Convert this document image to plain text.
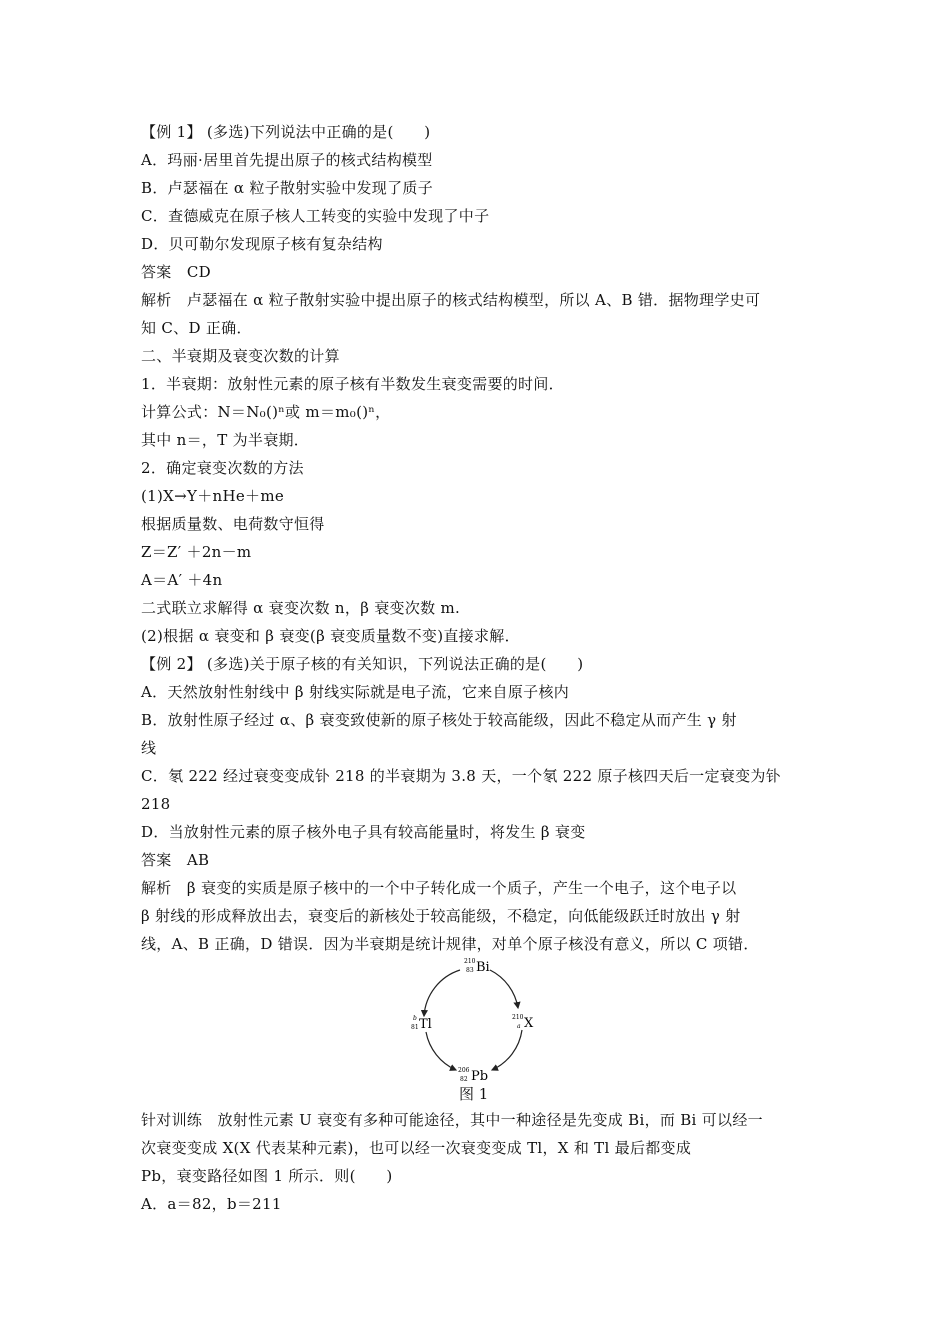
【例 1】 (多选)下列说法中正确的是(　　)
A．玛丽·居里首先提出原子的核式结构模型
B．卢瑟福在 α 粒子散射实验中发现了质子
C．查德威克在原子核人工转变的实验中发现了中子
D．贝可勒尔发现原子核有复杂结构
答案　CD
解析　卢瑟福在 α 粒子散射实验中提出原子的核式结构模型，所以 A、B 错．据物理学史可
知 C、D 正确．
二、半衰期及衰变次数的计算
1．半衰期：放射性元素的原子核有半数发生衰变需要的时间．
计算公式：N＝N₀()ⁿ或 m＝m₀()ⁿ，
其中 n＝，T 为半衰期．
2．确定衰变次数的方法
(1)X→Y＋nHe＋me
根据质量数、电荷数守恒得
Z＝Z′ ＋2n－m
A＝A′ ＋4n
二式联立求解得 α 衰变次数 n，β 衰变次数 m.
(2)根据 α 衰变和 β 衰变(β 衰变质量数不变)直接求解．
【例 2】 (多选)关于原子核的有关知识，下列说法正确的是(　　)
A．天然放射性射线中 β 射线实际就是电子流，它来自原子核内
B．放射性原子经过 α、β 衰变致使新的原子核处于较高能级，因此不稳定从而产生 γ 射
线
C．氡 222 经过衰变变成钋 218 的半衰期为 3.8 天，一个氡 222 原子核四天后一定衰变为钋
218
D．当放射性元素的原子核外电子具有较高能量时，将发生 β 衰变
答案　AB
解析　β 衰变的实质是原子核中的一个中子转化成一个质子，产生一个电子，这个电子以
β 射线的形成释放出去，衰变后的新核处于较高能级，不稳定，向低能级跃迁时放出 γ 射
线，A、B 正确，D 错误．因为半衰期是统计规律，对单个原子核没有意义，所以 C 项错．
针对训练　放射性元素 U 衰变有多种可能途径，其中一种途径是先变成 Bi，而 Bi 可以经一
次衰变变成 X(X 代表某种元素)，也可以经一次衰变变成 Tl，X 和 Tl 最后都变成
Pb，衰变路径如图 1 所示．则(　　)
A．a＝82，b＝211
210
83 Bi
b
81 Tl	210
a X
206
82 Pb
图 1
